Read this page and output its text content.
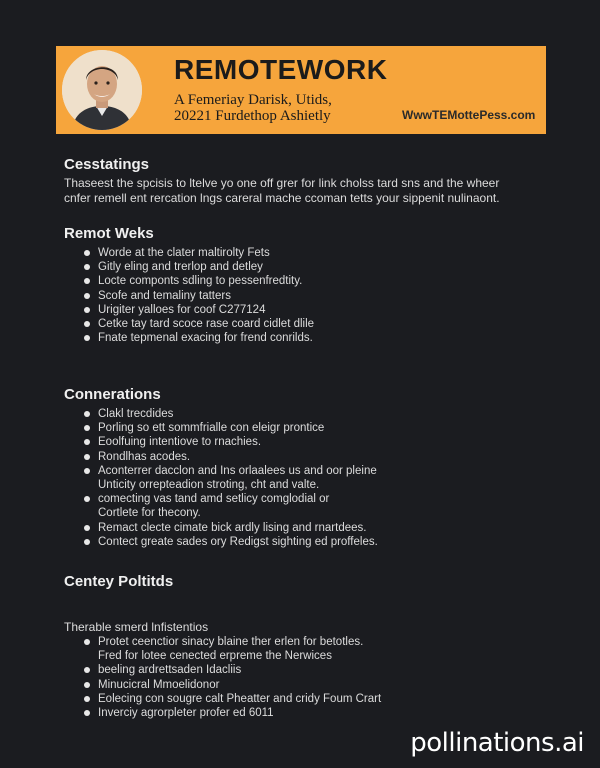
REMOTEWORK
A Femeriay Darisk, Utids,
20221 Furdethop Ashietly	WwwTEMottePess.com
Cesstatings

Thaseest the spcisis to ltelve yo one off grer for link cholss tard sns and the wheer

cnfer remell ent rercation lngs careral mache ccoman tetts your sippenit nulinaont.

Remot Weks
Worde at the clater maltirolty Fets
Gitly eling and trerlop and detley
Locte componts sdling to pessenfredtity.
Scofe and temaliny tatters
Urigiter yalloes for coof C277124
Cetke tay tard scoce rase coard cidlet dlile
Fnate tepmenal exacing for frend conrilds.
Connerations
Clakl trecdides
Porling so ett sommfrialle con eleigr prontice
Eoolfuing intentiove to rnachies.
Rondlhas acodes.
Aconterrer dacclon and Ins orlaalees us and oor pleine
Unticity orrepteadion stroting, cht and valte.
comecting vas tand amd setlicy comglodial or
Cortlete for thecony.
Remact clecte cimate bick ardly lising and rnartdees.
Contect greate sades ory Redigst sighting ed proffeles.
Centey Poltitds

Therable smerd lnfistentios

Protet ceenctior sinacy blaine ther erlen for betotles.
Fred for lotee cenected erpreme the Nerwices
beeling ardrettsaden Idacliis
Minucicral Mmoelidonor
Eolecing con sougre calt Pheatter and cridy Foum Crart
Inverciy agrorpleter profer ed 6011
pollinations.ai
